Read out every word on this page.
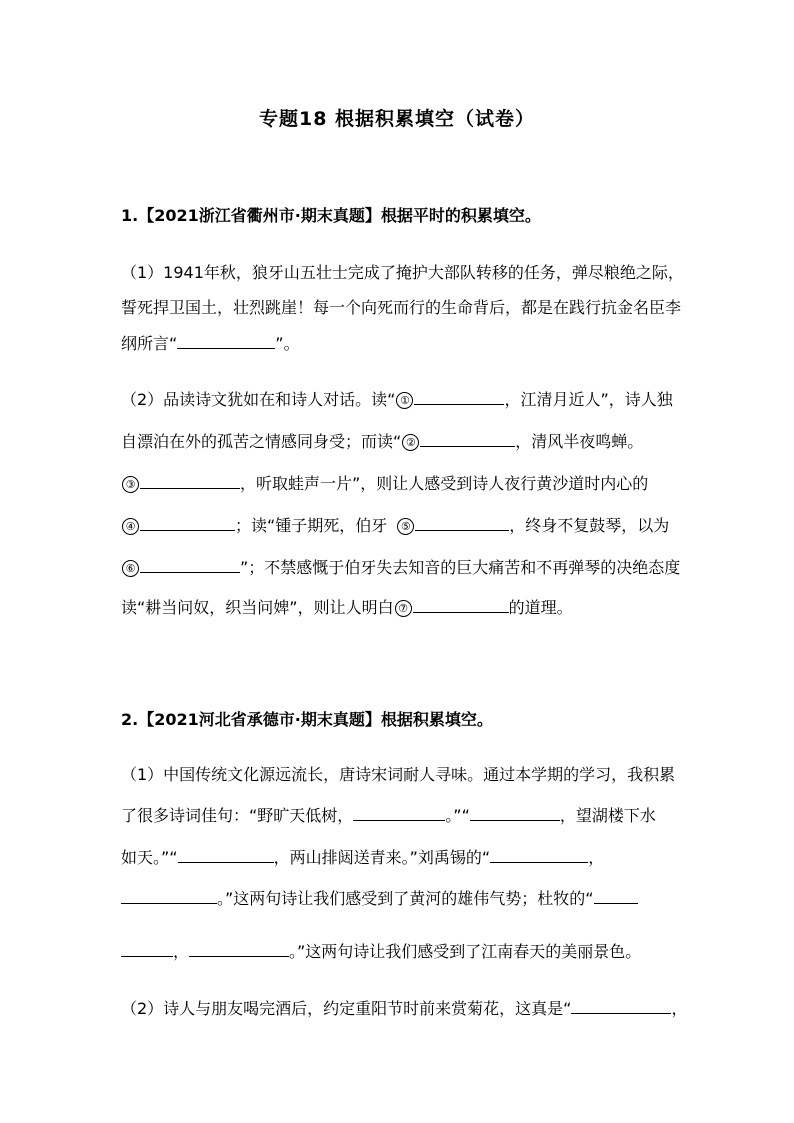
专题18 根据积累填空（试卷）
1.【2021浙江省衢州市·期末真题】根据平时的积累填空。
（1）1941年秋，狼牙山五壮士完成了掩护大部队转移的任务，弹尽粮绝之际，
誓死捍卫国土，壮烈跳崖！每一个向死而行的生命背后，都是在践行抗金名臣李
纲所言“	”。
（2）品读诗文犹如在和诗人对话。读“ ①	，江清月近人”，诗人独
自漂泊在外的孤苦之情感同身受；而读“ ②	，清风半夜鸣蝉。
③	，听取蛙声一片”，则让人感受到诗人夜行黄沙道时内心的
④	；读“锺子期死，伯牙 ⑤	，终身不复鼓琴，以为
⑥	”；不禁感慨于伯牙失去知音的巨大痛苦和不再弹琴的决绝态度
读“耕当问奴，织当问婢”，则让人明白 ⑦	的道理。
2.【2021河北省承德市·期末真题】根据积累填空。
（1）中国传统文化源远流长，唐诗宋词耐人寻味。通过本学期的学习，我积累
了很多诗词佳句：“野旷天低树，	。”“	，望湖楼下水
如天。”“	，两山排闼送青来。”刘禹锡的“	，
。”这两句诗让我们感受到了黄河的雄伟气势；杜牧的“
，	。”这两句诗让我们感受到了江南春天的美丽景色。
（2）诗人与朋友喝完酒后，约定重阳节时前来赏菊花，这真是“	，
